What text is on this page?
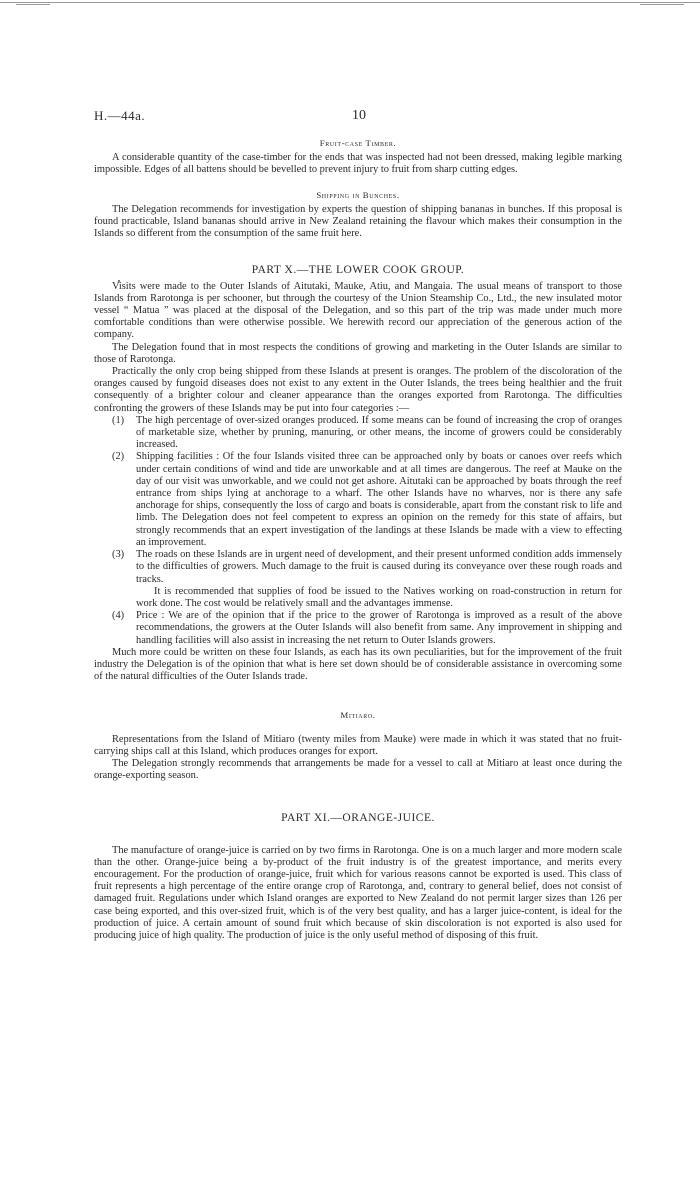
H.—44a.	10
Fruit-case Timber.

A considerable quantity of the case-timber for the ends that was inspected had not been dressed, making legible marking impossible. Edges of all battens should be bevelled to prevent injury to fruit from sharp cutting edges.

Shipping in Bunches.

The Delegation recommends for investigation by experts the question of shipping bananas in bunches. If this proposal is found practicable, Island bananas should arrive in New Zealand retaining the flavour which makes their consumption in the Islands so different from the consumption of the same fruit here.

PART X.—THE LOWER COOK GROUP.

Visits were made to the Outer Islands of Aitutaki, Mauke, Atiu, and Mangaia. The usual means of transport to those Islands from Rarotonga is per schooner, but through the courtesy of the Union Steamship Co., Ltd., the new insulated motor vessel “ Matua ” was placed at the disposal of the Delegation, and so this part of the trip was made under much more comfortable conditions than were otherwise possible. We herewith record our appreciation of the generous action of the company.

The Delegation found that in most respects the conditions of growing and marketing in the Outer Islands are similar to those of Rarotonga.

Practically the only crop being shipped from these Islands at present is oranges. The problem of the discoloration of the oranges caused by fungoid diseases does not exist to any extent in the Outer Islands, the trees being healthier and the fruit consequently of a brighter colour and cleaner appearance than the oranges exported from Rarotonga. The difficulties confronting the growers of these Islands may be put into four categories :—

(1) The high percentage of over-sized oranges produced. If some means can be found of increasing the crop of oranges of marketable size, whether by pruning, manuring, or other means, the income of growers could be considerably increased.
(2) Shipping facilities : Of the four Islands visited three can be approached only by boats or canoes over reefs which under certain conditions of wind and tide are unworkable and at all times are dangerous. The reef at Mauke on the day of our visit was unworkable, and we could not get ashore. Aitutaki can be approached by boats through the reef entrance from ships lying at anchorage to a wharf. The other Islands have no wharves, nor is there any safe anchorage for ships, consequently the loss of cargo and boats is considerable, apart from the constant risk to life and limb. The Delegation does not feel competent to express an opinion on the remedy for this state of affairs, but strongly recommends that an expert investigation of the landings at these Islands be made with a view to effecting an improvement.
(3) The roads on these Islands are in urgent need of development, and their present unformed condition adds immensely to the difficulties of growers. Much damage to the fruit is caused during its conveyance over these rough roads and tracks.

It is recommended that supplies of food be issued to the Natives working on road-construction in return for work done. The cost would be relatively small and the advantages immense.

(4) Price : We are of the opinion that if the price to the grower of Rarotonga is improved as a result of the above recommendations, the growers at the Outer Islands will also benefit from same. Any improvement in shipping and handling facilities will also assist in increasing the net return to Outer Islands growers.

Much more could be written on these four Islands, as each has its own peculiarities, but for the improvement of the fruit industry the Delegation is of the opinion that what is here set down should be of considerable assistance in overcoming some of the natural difficulties of the Outer Islands trade.

Mitiaro.

Representations from the Island of Mitiaro (twenty miles from Mauke) were made in which it was stated that no fruit-carrying ships call at this Island, which produces oranges for export.

The Delegation strongly recommends that arrangements be made for a vessel to call at Mitiaro at least once during the orange-exporting season.

PART XI.—ORANGE-JUICE.

The manufacture of orange-juice is carried on by two firms in Rarotonga. One is on a much larger and more modern scale than the other. Orange-juice being a by-product of the fruit industry is of the greatest importance, and merits every encouragement. For the production of orange-juice, fruit which for various reasons cannot be exported is used. This class of fruit represents a high percentage of the entire orange crop of Rarotonga, and, contrary to general belief, does not consist of damaged fruit. Regulations under which Island oranges are exported to New Zealand do not permit larger sizes than 126 per case being exported, and this over-sized fruit, which is of the very best quality, and has a larger juice-content, is ideal for the production of juice. A certain amount of sound fruit which because of skin discoloration is not exported is also used for producing juice of high quality. The production of juice is the only useful method of disposing of this fruit.
